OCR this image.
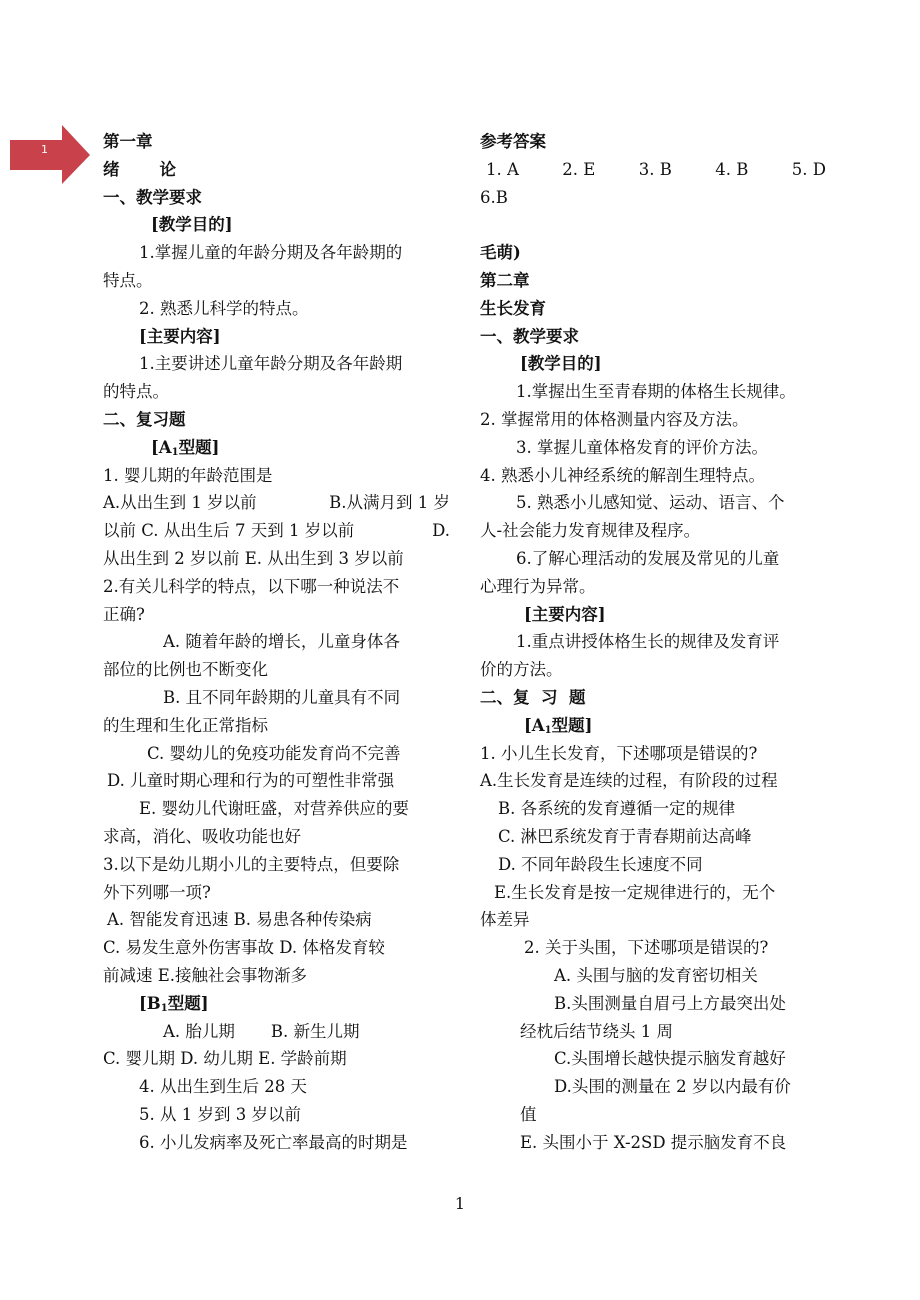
1	第一章
绪 论
一、教学要求
[教学目的]
1.掌握儿童的年龄分期及各年龄期的
特点。
2. 熟悉儿科学的特点。
[主要内容]
1.主要讲述儿童年龄分期及各年龄期
的特点。
二、复习题
[$A_1$型题]
1. 婴儿期的年龄范围是
A.从出生到 1 岁以前	B.从满月到 1 岁
以前 C. 从出生后 7 天到 1 岁以前	D.
从出生到 2 岁以前 E. 从出生到 3 岁以前
2.有关儿科学的特点，以下哪一种说法不
正确?
A. 随着年龄的增长，儿童身体各
部位的比例也不断变化
B. 且不同年龄期的儿童具有不同
的生理和生化正常指标
C. 婴幼儿的免疫功能发育尚不完善
D. 儿童时期心理和行为的可塑性非常强
E. 婴幼儿代谢旺盛，对营养供应的要
求高，消化、吸收功能也好
3.以下是幼儿期小儿的主要特点，但要除
外下列哪一项?
A. 智能发育迅速 B. 易患各种传染病
C. 易发生意外伤害事故 D. 体格发育较
前减速 E.接触社会事物渐多
[$B_1$型题]
A. 胎儿期 B. 新生儿期
C. 婴儿期 D. 幼儿期 E. 学龄前期
4. 从出生到生后 28 天
5. 从 1 岁到 3 岁以前
6. 小儿发病率及死亡率最高的时期是
参考答案
1. A	2. E	3. B	4. B	5. D
6.B
毛萌)
第二章
生长发育
一、教学要求
[教学目的]
1.掌握出生至青春期的体格生长规律。
2. 掌握常用的体格测量内容及方法。
3. 掌握儿童体格发育的评价方法。
4. 熟悉小儿神经系统的解剖生理特点。
5. 熟悉小儿感知觉、运动、语言、个
人-社会能力发育规律及程序。
6.了解心理活动的发展及常见的儿童
心理行为异常。
[主要内容]
1.重点讲授体格生长的规律及发育评
价的方法。
二、复  习  题
[$A_1$型题]
1. 小儿生长发育，下述哪项是错误的?
A.生长发育是连续的过程，有阶段的过程
B. 各系统的发育遵循一定的规律
C. 淋巴系统发育于青春期前达高峰
D. 不同年龄段生长速度不同
E.生长发育是按一定规律进行的，无个
体差异
2. 关于头围，下述哪项是错误的?
A. 头围与脑的发育密切相关
B.头围测量自眉弓上方最突出处
经枕后结节绕头 1 周
C.头围增长越快提示脑发育越好
D.头围的测量在 2 岁以内最有价
值
E. 头围小于 X-2SD 提示脑发育不良
1
